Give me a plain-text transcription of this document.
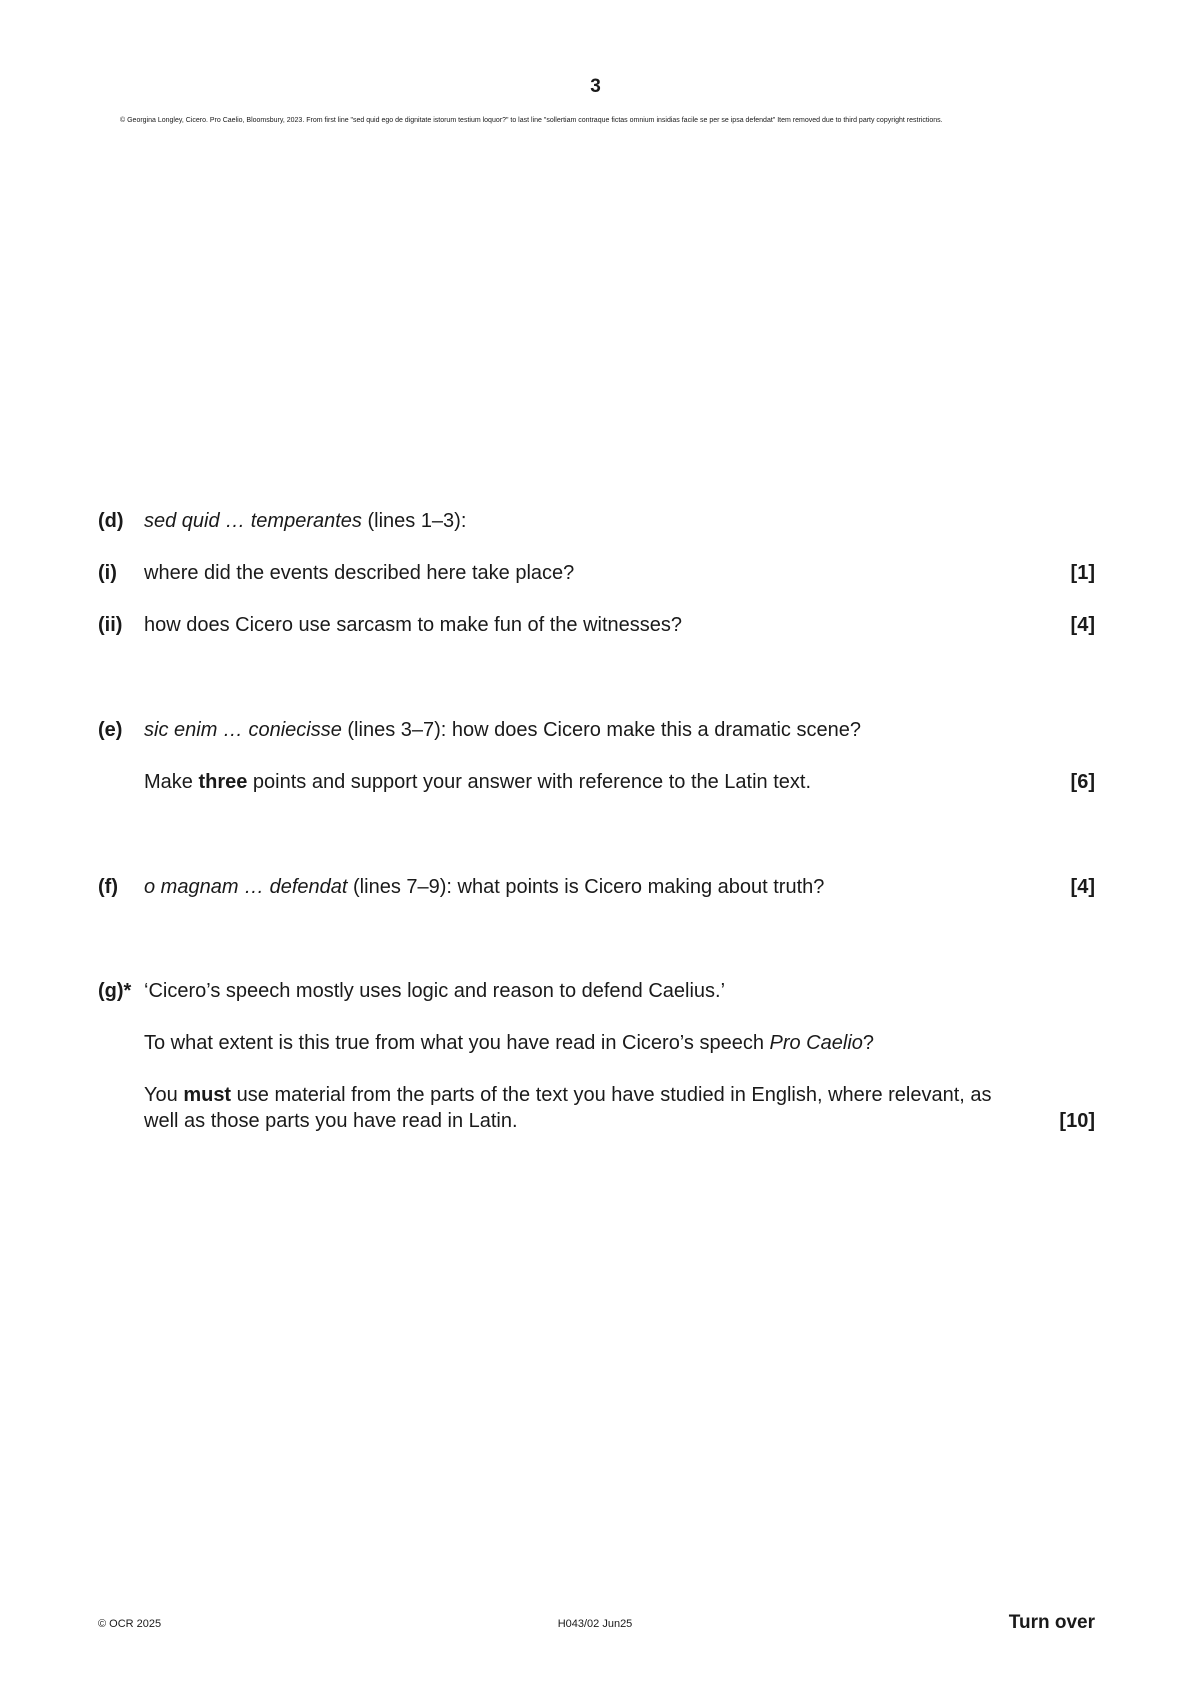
3
© Georgina Longley, Cicero. Pro Caelio, Bloomsbury, 2023. From first line "sed quid ego de dignitate istorum testium loquor?" to last line "sollertiam contraque fictas omnium insidias facile se per se ipsa defendat" Item removed due to third party copyright restrictions.
(d) sed quid … temperantes (lines 1–3):
(i) where did the events described here take place?	[1]
(ii) how does Cicero use sarcasm to make fun of the witnesses?	[4]
(e) sic enim … coniecisse (lines 3–7): how does Cicero make this a dramatic scene?
Make three points and support your answer with reference to the Latin text.	[6]
(f) o magnam … defendat (lines 7–9): what points is Cicero making about truth?	[4]
(g)* ‘Cicero’s speech mostly uses logic and reason to defend Caelius.’
To what extent is this true from what you have read in Cicero’s speech Pro Caelio?
You must use material from the parts of the text you have studied in English, where relevant, as
well as those parts you have read in Latin.	[10]
© OCR 2025	H043/02 Jun25	Turn over
